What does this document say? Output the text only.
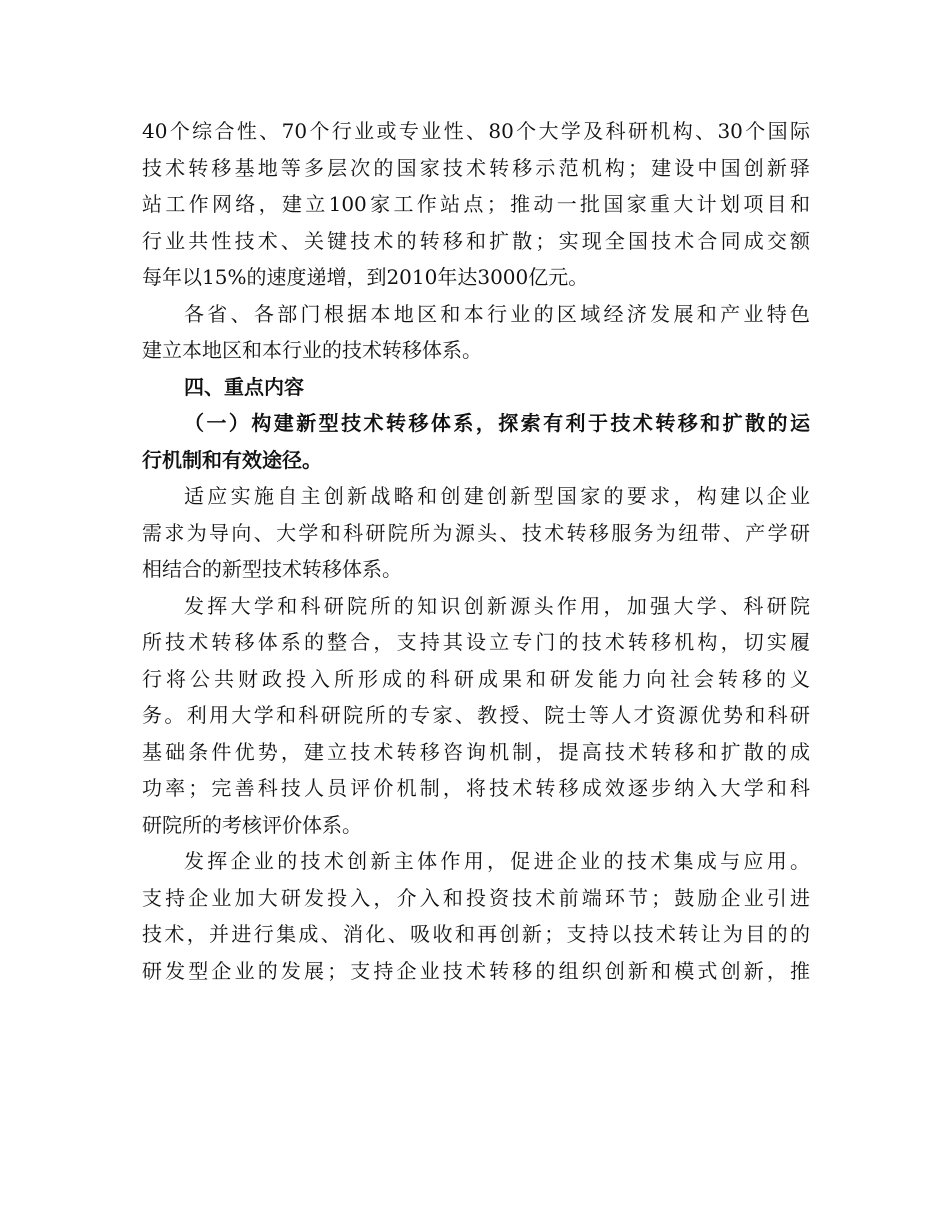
40个综合性、70个行业或专业性、80个大学及科研机构、30个国际
技术转移基地等多层次的国家技术转移示范机构；建设中国创新驿
站工作网络，建立100家工作站点；推动一批国家重大计划项目和
行业共性技术、关键技术的转移和扩散；实现全国技术合同成交额
每年以15%的速度递增，到2010年达3000亿元。
各省、各部门根据本地区和本行业的区域经济发展和产业特色
建立本地区和本行业的技术转移体系。
四、重点内容
（一）构建新型技术转移体系，探索有利于技术转移和扩散的运
行机制和有效途径。
适应实施自主创新战略和创建创新型国家的要求，构建以企业
需求为导向、大学和科研院所为源头、技术转移服务为纽带、产学研
相结合的新型技术转移体系。
发挥大学和科研院所的知识创新源头作用，加强大学、科研院
所技术转移体系的整合，支持其设立专门的技术转移机构，切实履
行将公共财政投入所形成的科研成果和研发能力向社会转移的义
务。利用大学和科研院所的专家、教授、院士等人才资源优势和科研
基础条件优势，建立技术转移咨询机制，提高技术转移和扩散的成
功率；完善科技人员评价机制，将技术转移成效逐步纳入大学和科
研院所的考核评价体系。
发挥企业的技术创新主体作用，促进企业的技术集成与应用。
支持企业加大研发投入，介入和投资技术前端环节；鼓励企业引进
技术，并进行集成、消化、吸收和再创新；支持以技术转让为目的的
研发型企业的发展；支持企业技术转移的组织创新和模式创新，推
